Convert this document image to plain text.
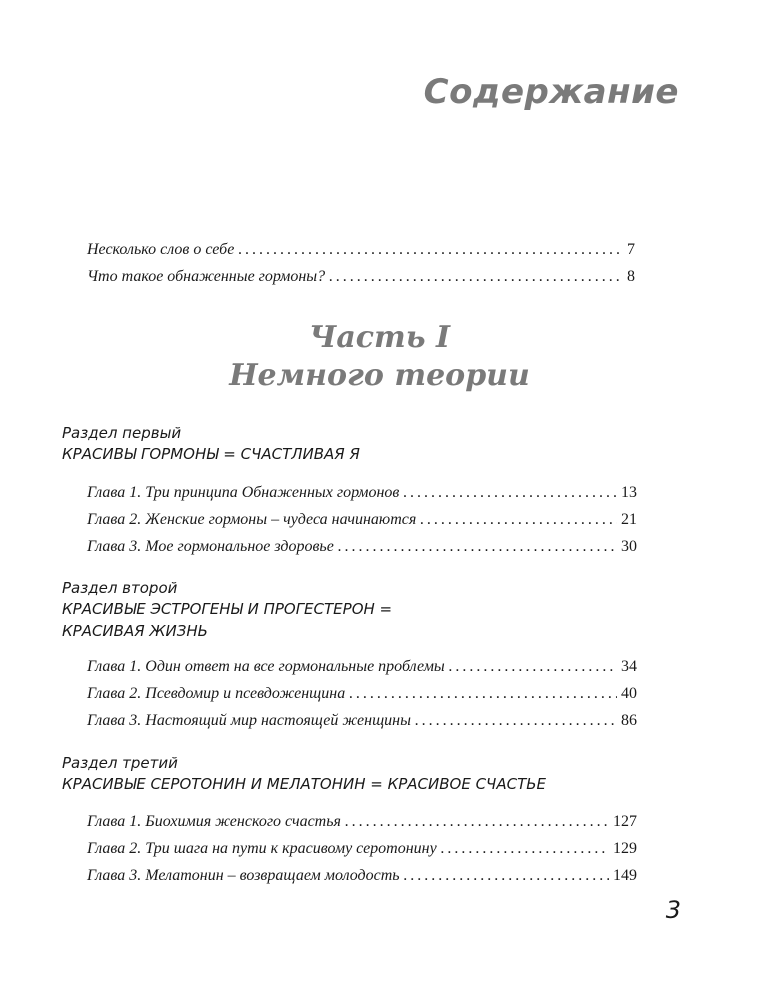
Содержание
Несколько слов о себе . . .	7
Что такое обнаженные гормоны? . . .	8
Часть I
Немного теории
Раздел первый
КРАСИВЫ ГОРМОНЫ = СЧАСТЛИВАЯ Я
Глава 1. Три принципа Обнаженных гормонов . . .	13
Глава 2. Женские гормоны – чудеса начинаются . . .	21
Глава 3. Мое гормональное здоровье . . .	30
Раздел второй
КРАСИВЫЕ ЭСТРОГЕНЫ И ПРОГЕСТЕРОН =
КРАСИВАЯ ЖИЗНЬ
Глава 1. Один ответ на все гормональные проблемы . . .	34
Глава 2. Псевдомир и псевдоженщина . . .	40
Глава 3. Настоящий мир настоящей женщины . . .	86
Раздел третий
КРАСИВЫЕ СЕРОТОНИН И МЕЛАТОНИН = КРАСИВОЕ СЧАСТЬЕ
Глава 1. Биохимия женского счастья . . .	127
Глава 2. Три шага на пути к красивому серотонину . . .	129
Глава 3. Мелатонин – возвращаем молодость . . .	149
3
